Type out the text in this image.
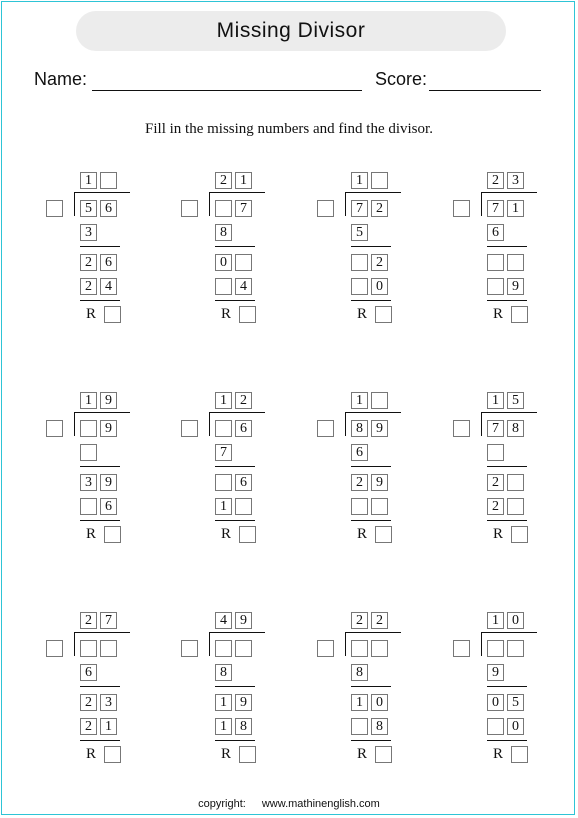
Missing Divisor
Name:	Score:
Fill in the missing numbers and find the divisor.
1
5 6
3
2 6
2 4
R
2 1
7
8
0
4
R
1
7 2
5
2
0
R
2 3
7 1
6
9
R
1 9
9
3 9
6
R
1 2
6
7
6
1
R
1
8 9
6
2 9
R
1 5
7 8
2
2
R
2 7
6
2 3
2 1
R
4 9
8
1 9
1 8
R
2 2
8
1 0
8
R
1 0
9
0 5
0
R
copyright: www.mathinenglish.com
